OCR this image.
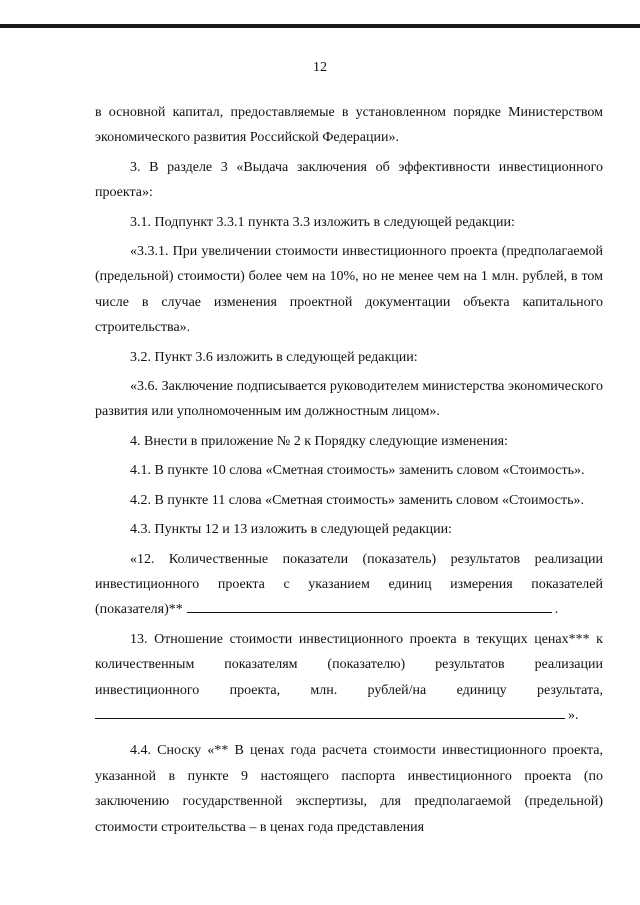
12

в основной капитал, предоставляемые в установленном порядке Министерством экономического развития Российской Федерации».

3. В разделе 3 «Выдача заключения об эффективности инвестиционного проекта»:

3.1. Подпункт 3.3.1 пункта 3.3 изложить в следующей редакции:

«3.3.1. При увеличении стоимости инвестиционного проекта (предполагаемой (предельной) стоимости) более чем на 10%, но не менее чем на 1 млн. рублей, в том числе в случае изменения проектной документации объекта капитального строительства».

3.2. Пункт 3.6 изложить в следующей редакции:

«3.6. Заключение подписывается руководителем министерства экономического развития или уполномоченным им должностным лицом».

4. Внести в приложение № 2 к Порядку следующие изменения:

4.1. В пункте 10 слова «Сметная стоимость» заменить словом «Стоимость».

4.2. В пункте 11 слова «Сметная стоимость» заменить словом «Стоимость».

4.3. Пункты 12 и 13 изложить в следующей редакции:

«12. Количественные показатели (показатель) результатов реализации инвестиционного проекта с указанием единиц измерения показателей (показателя)**	.

13. Отношение стоимости инвестиционного проекта в текущих ценах*** к количественным показателям (показателю) результатов реализации инвестиционного проекта, млн. рублей/на единицу результата, ».

4.4. Сноску «** В ценах года расчета стоимости инвестиционного проекта, указанной в пункте 9 настоящего паспорта инвестиционного проекта (по заключению государственной экспертизы, для предполагаемой (предельной) стоимости строительства – в ценах года представления
